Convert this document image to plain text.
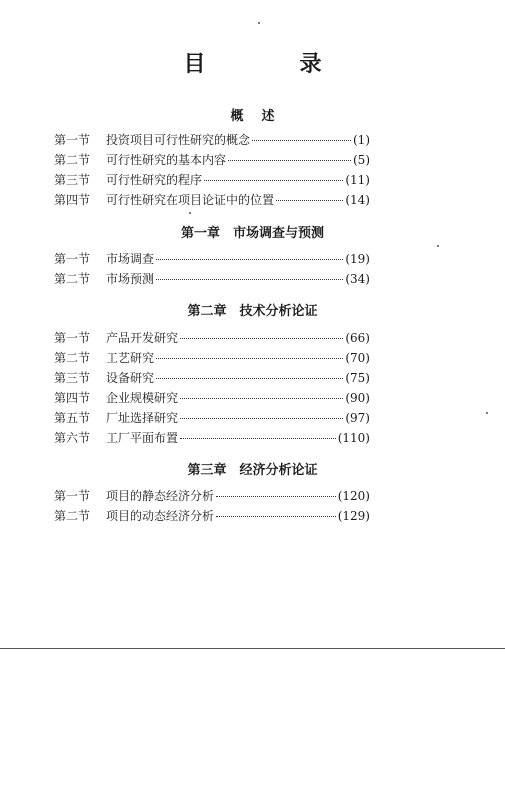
目　录
概述
第一节	投资项目可行性研究的概念	(1)
第二节	可行性研究的基本内容	(5)
第三节	可行性研究的程序	(11)
第四节	可行性研究在项目论证中的位置	(14)
第一章　市场调查与预测
第一节	市场调查	(19)
第二节	市场预测	(34)
第二章　技术分析论证
第一节	产品开发研究	(66)
第二节	工艺研究	(70)
第三节	设备研究	(75)
第四节	企业规模研究	(90)
第五节	厂址选择研究	(97)
第六节	工厂平面布置	(110)
第三章　经济分析论证
第一节	项目的静态经济分析	(120)
第二节	项目的动态经济分析	(129)
